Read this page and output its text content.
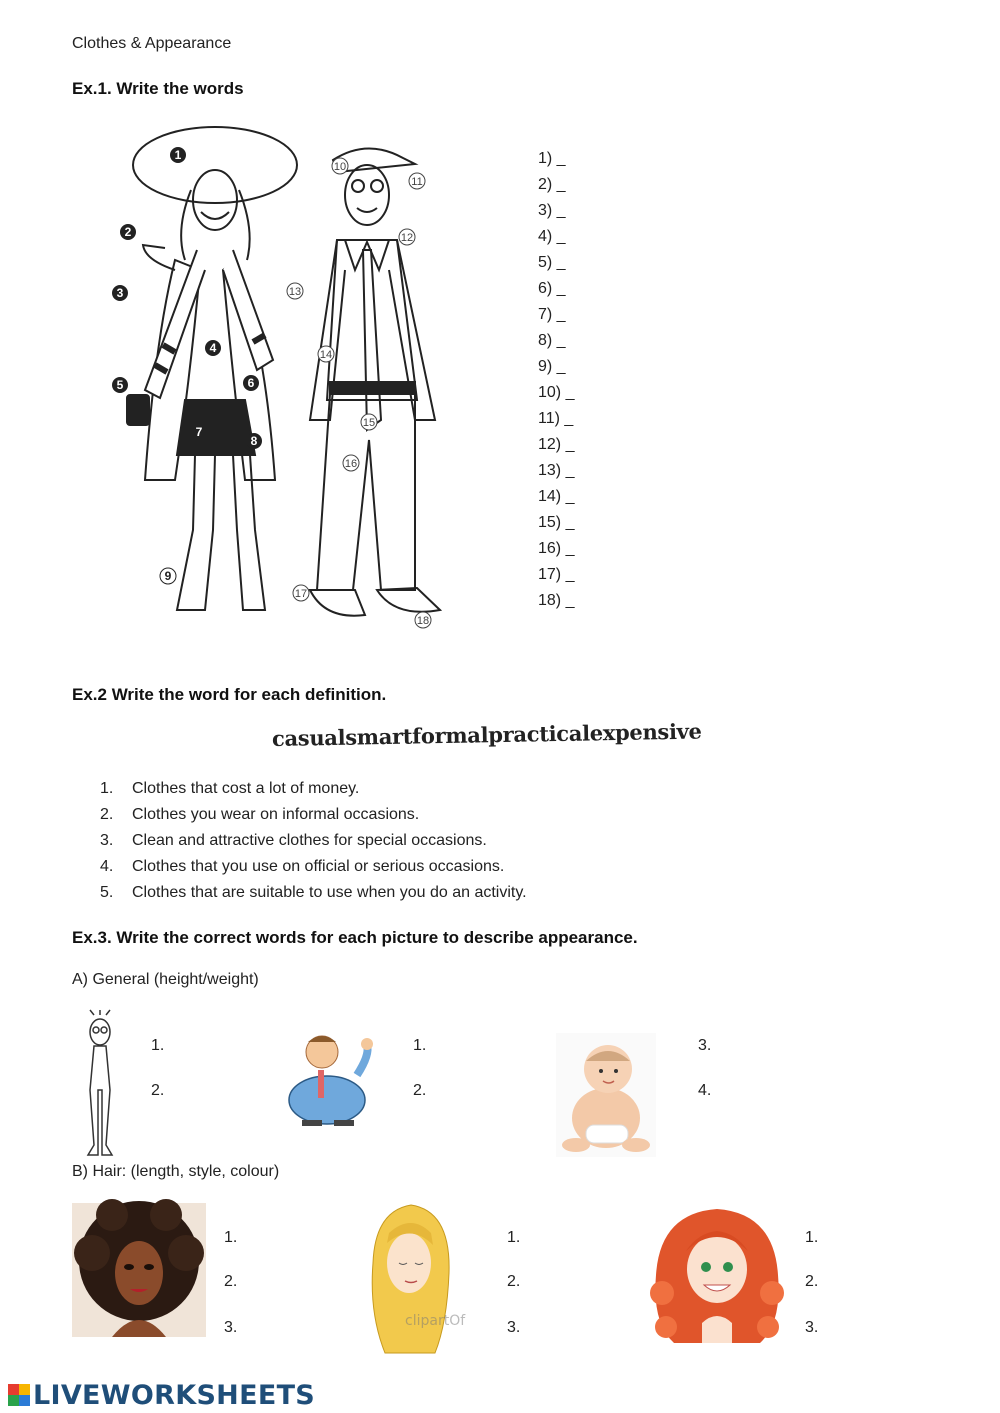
Clothes & Appearance
Ex.1. Write the words
1
2
3
4
5	6
7
8
9
10
11
12
13
14
15
16
17
18
1) _
2) _
3) _
4) _
5) _
6) _
7) _
8) _
9) _
10) _
11) _
12) _
13) _
14) _
15) _
16) _
17) _
18) _
Ex.2 Write the word for each definition.
casualsmartformalpracticalexpensive
1. Clothes that cost a lot of money.
2. Clothes you wear on informal occasions.
3. Clean and attractive clothes for special occasions.
4. Clothes that you use on official or serious occasions.
5. Clothes that are suitable to use when you do an activity.
Ex.3. Write the correct words for each picture to describe appearance.
A) General (height/weight)
1.
2.
1.
2.
3.
4.
B) Hair: (length, style, colour)
1.
2.
3.	clipartOf
1.
2.
3.
1.
2.
3.
LIVEWORKSHEETS
